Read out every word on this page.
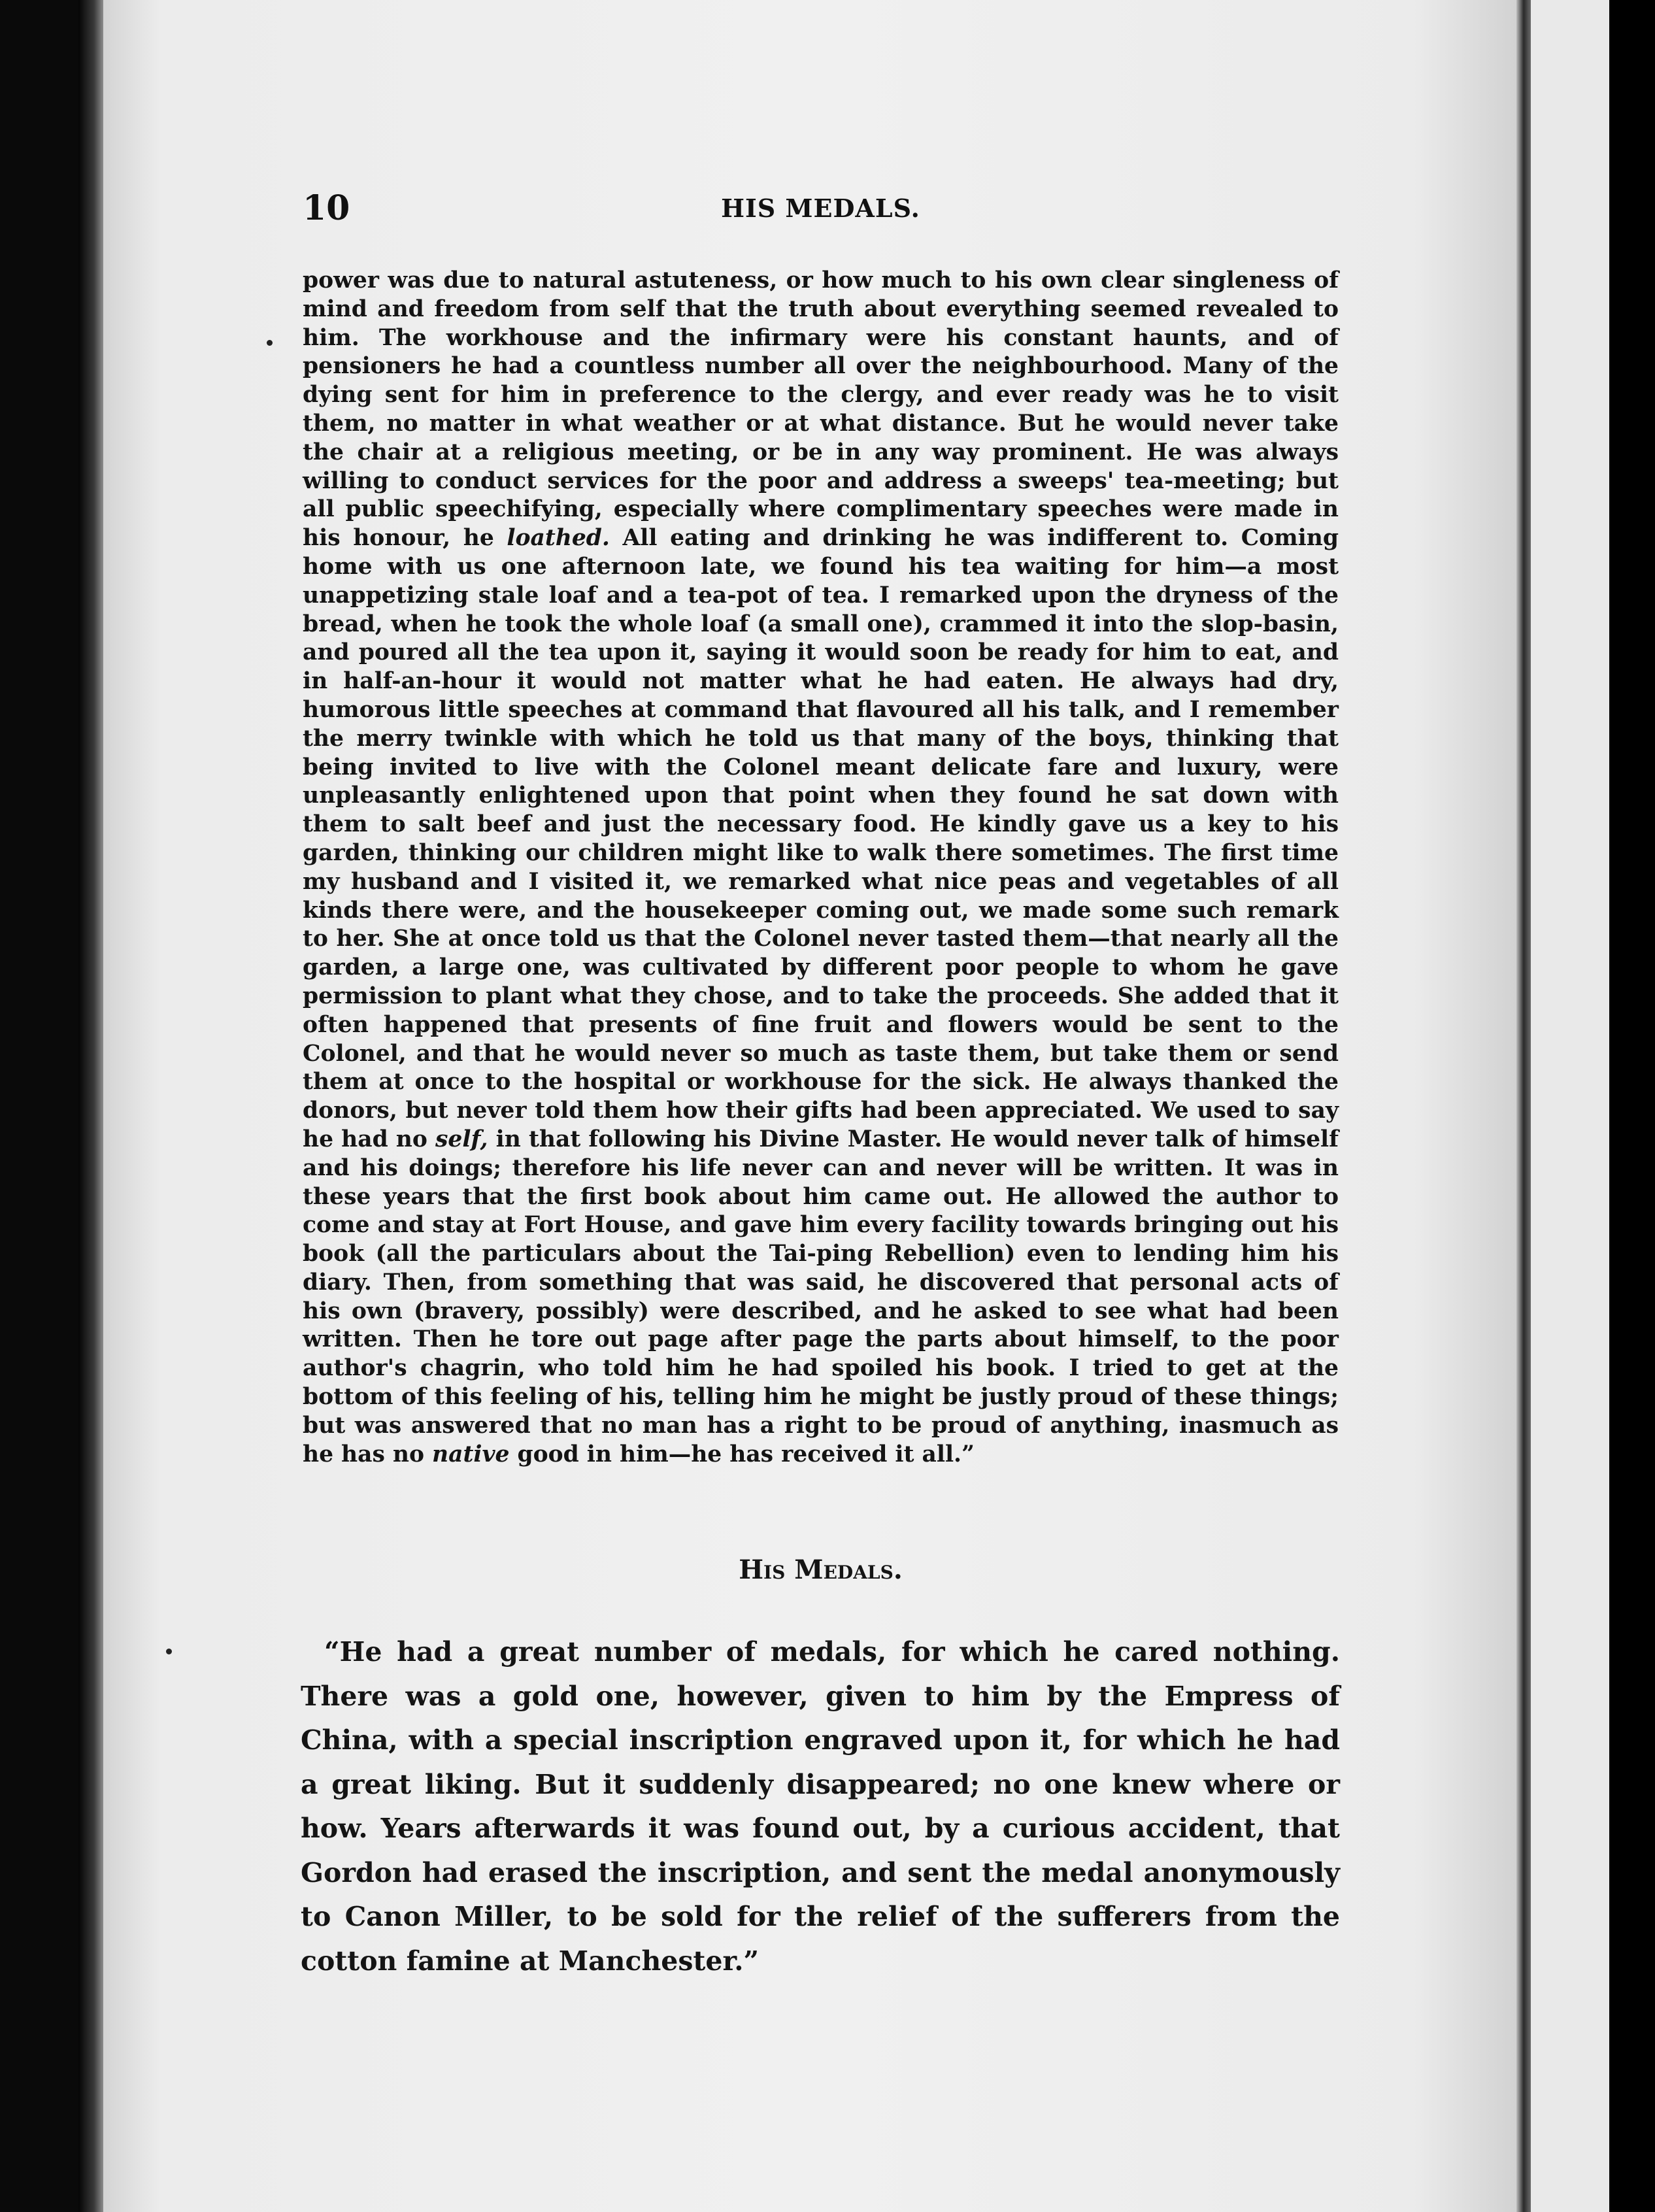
10	HIS MEDALS.

power was due to natural astuteness, or how much to his own clear singleness of mind and freedom from self that the truth about everything seemed revealed to him. The workhouse and the infirmary were his constant haunts, and of pensioners he had a countless number all over the neighbourhood. Many of the dying sent for him in preference to the clergy, and ever ready was he to visit them, no matter in what weather or at what distance. But he would never take the chair at a religious meeting, or be in any way prominent. He was always willing to conduct services for the poor and address a sweeps' tea-meeting; but all public speechifying, especially where complimentary speeches were made in his honour, he loathed. All eating and drinking he was indifferent to. Coming home with us one afternoon late, we found his tea waiting for him—a most unappetizing stale loaf and a tea-pot of tea. I remarked upon the dryness of the bread, when he took the whole loaf (a small one), crammed it into the slop-basin, and poured all the tea upon it, saying it would soon be ready for him to eat, and in half-an-hour it would not matter what he had eaten. He always had dry, humorous little speeches at command that flavoured all his talk, and I remember the merry twinkle with which he told us that many of the boys, thinking that being invited to live with the Colonel meant delicate fare and luxury, were unpleasantly enlightened upon that point when they found he sat down with them to salt beef and just the necessary food. He kindly gave us a key to his garden, thinking our children might like to walk there sometimes. The first time my husband and I visited it, we remarked what nice peas and vegetables of all kinds there were, and the housekeeper coming out, we made some such remark to her. She at once told us that the Colonel never tasted them—that nearly all the garden, a large one, was cultivated by different poor people to whom he gave permission to plant what they chose, and to take the proceeds. She added that it often happened that presents of fine fruit and flowers would be sent to the Colonel, and that he would never so much as taste them, but take them or send them at once to the hospital or workhouse for the sick. He always thanked the donors, but never told them how their gifts had been appreciated. We used to say he had no self, in that following his Divine Master. He would never talk of himself and his doings; therefore his life never can and never will be written. It was in these years that the first book about him came out. He allowed the author to come and stay at Fort House, and gave him every facility towards bringing out his book (all the particulars about the Tai-ping Rebellion) even to lending him his diary. Then, from something that was said, he discovered that personal acts of his own (bravery, possibly) were described, and he asked to see what had been written. Then he tore out page after page the parts about himself, to the poor author's chagrin, who told him he had spoiled his book. I tried to get at the bottom of this feeling of his, telling him he might be justly proud of these things; but was answered that no man has a right to be proud of anything, inasmuch as he has no native good in him—he has received it all.”

His Medals.

“He had a great number of medals, for which he cared nothing. There was a gold one, however, given to him by the Empress of China, with a special inscription engraved upon it, for which he had a great liking. But it suddenly disappeared; no one knew where or how. Years afterwards it was found out, by a curious accident, that Gordon had erased the inscription, and sent the medal anonymously to Canon Miller, to be sold for the relief of the sufferers from the cotton famine at Manchester.”
